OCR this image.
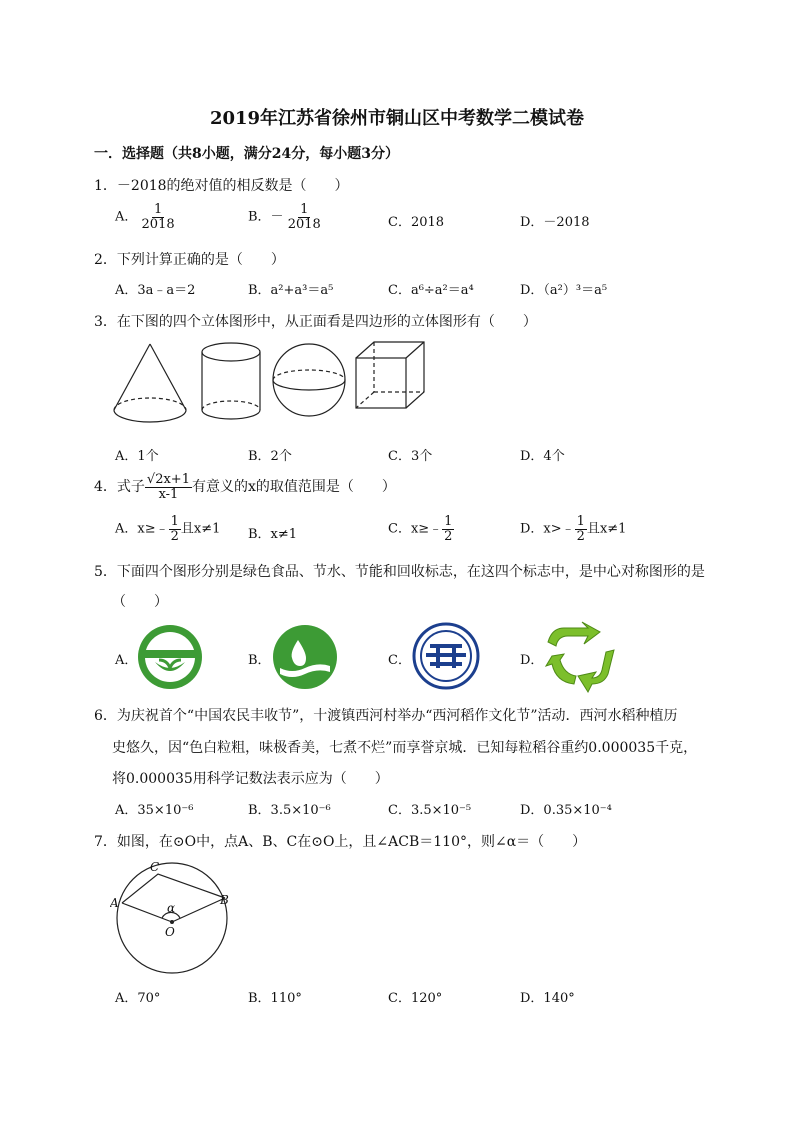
2019年江苏省徐州市铜山区中考数学二模试卷
一．选择题（共8小题，满分24分，每小题3分）
1．－2018的绝对值的相反数是（　　）
A． $\frac{1}{2018}$	B．－ $\frac{1}{2018}$	C．2018	D．－2018
2．下列计算正确的是（　　）
A．3a﹣a＝2	B．a²+a³＝a⁵	C．a⁶÷a²＝a⁴	D．（a²）³＝a⁵
3．在下图的四个立体图形中，从正面看是四边形的立体图形有（　　）
A．1个	B．2个	C．3个	D．4个
4．式子 $\frac{√2x+1}{x-1}$ 有意义的x的取值范围是（　　）
A．x≥﹣ $\frac{1}{2}$ 且x≠1 B．x≠1	C．x≥﹣ $\frac{1}{2}$	D．x>﹣ $\frac{1}{2}$ 且x≠1
5．下面四个图形分别是绿色食品、节水、节能和回收标志，在这四个标志中，是中心对称图形的是
（　　）
A．	B．	C．	D．
6．为庆祝首个“中国农民丰收节”，十渡镇西河村举办“西河稻作文化节”活动．西河水稻种植历
史悠久，因“色白粒粗，味极香美，七煮不烂”而享誉京城．已知每粒稻谷重约0.000035千克，
将0.000035用科学记数法表示应为（　　）
A．35×10⁻⁶	B．3.5×10⁻⁶	C．3.5×10⁻⁵	D．0.35×10⁻⁴
7．如图，在⊙O中，点A、B、C在⊙O上，且∠ACB＝110°，则∠α＝（　　）
A
C
B
O
α
A．70°	B．110°	C．120°	D．140°
